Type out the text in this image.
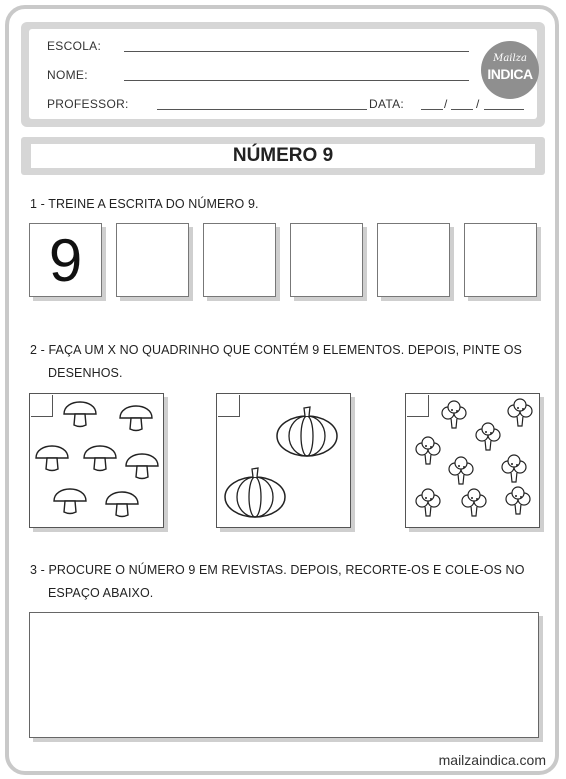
ESCOLA:
NOME:
PROFESSOR:	DATA:	/ /
Mailza
INDICA
NÚMERO 9
1 - TREINE A ESCRITA DO NÚMERO 9.
9
2 - FAÇA UM X NO QUADRINHO QUE CONTÉM 9 ELEMENTOS. DEPOIS, PINTE OS
DESENHOS.
3 - PROCURE O NÚMERO 9 EM REVISTAS. DEPOIS, RECORTE-OS E COLE-OS NO
ESPAÇO ABAIXO.
mailzaindica.com
